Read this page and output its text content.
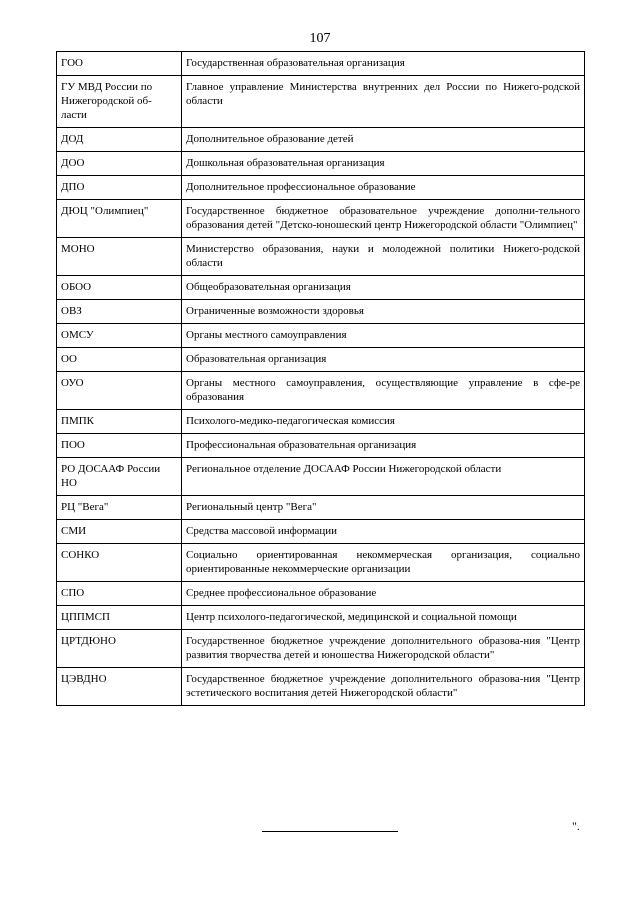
107
ГОО	Государственная образовательная организация
ГУ МВД России по Нижегородской об-ласти	Главное управление Министерства внутренних дел России по Нижего-родской области
ДОД	Дополнительное образование детей
ДОО	Дошкольная образовательная организация
ДПО	Дополнительное профессиональное образование
ДЮЦ "Олимпиец"	Государственное бюджетное образовательное учреждение дополни-тельного образования детей "Детско-юношеский центр Нижегородской области "Олимпиец"
МОНО	Министерство образования, науки и молодежной политики Нижего-родской области
ОБОО	Общеобразовательная организация
ОВЗ	Ограниченные возможности здоровья
ОМСУ	Органы местного самоуправления
ОО	Образовательная организация
ОУО	Органы местного самоуправления, осуществляющие управление в сфе-ре образования
ПМПК	Психолого-медико-педагогическая комиссия
ПОО	Профессиональная образовательная организация
РО ДОСААФ России НО	Региональное отделение ДОСААФ России Нижегородской области
РЦ "Вега"	Региональный центр "Вега"
СМИ	Средства массовой информации
СОНКО	Социально ориентированная некоммерческая организация, социально ориентированные некоммерческие организации
СПО	Среднее профессиональное образование
ЦППМСП	Центр психолого-педагогической, медицинской и социальной помощи
ЦРТДЮНО	Государственное бюджетное учреждение дополнительного образова-ния "Центр развития творчества детей и юношества Нижегородской области"
ЦЭВДНО	Государственное бюджетное учреждение дополнительного образова-ния "Центр эстетического воспитания детей Нижегородской области"
".
